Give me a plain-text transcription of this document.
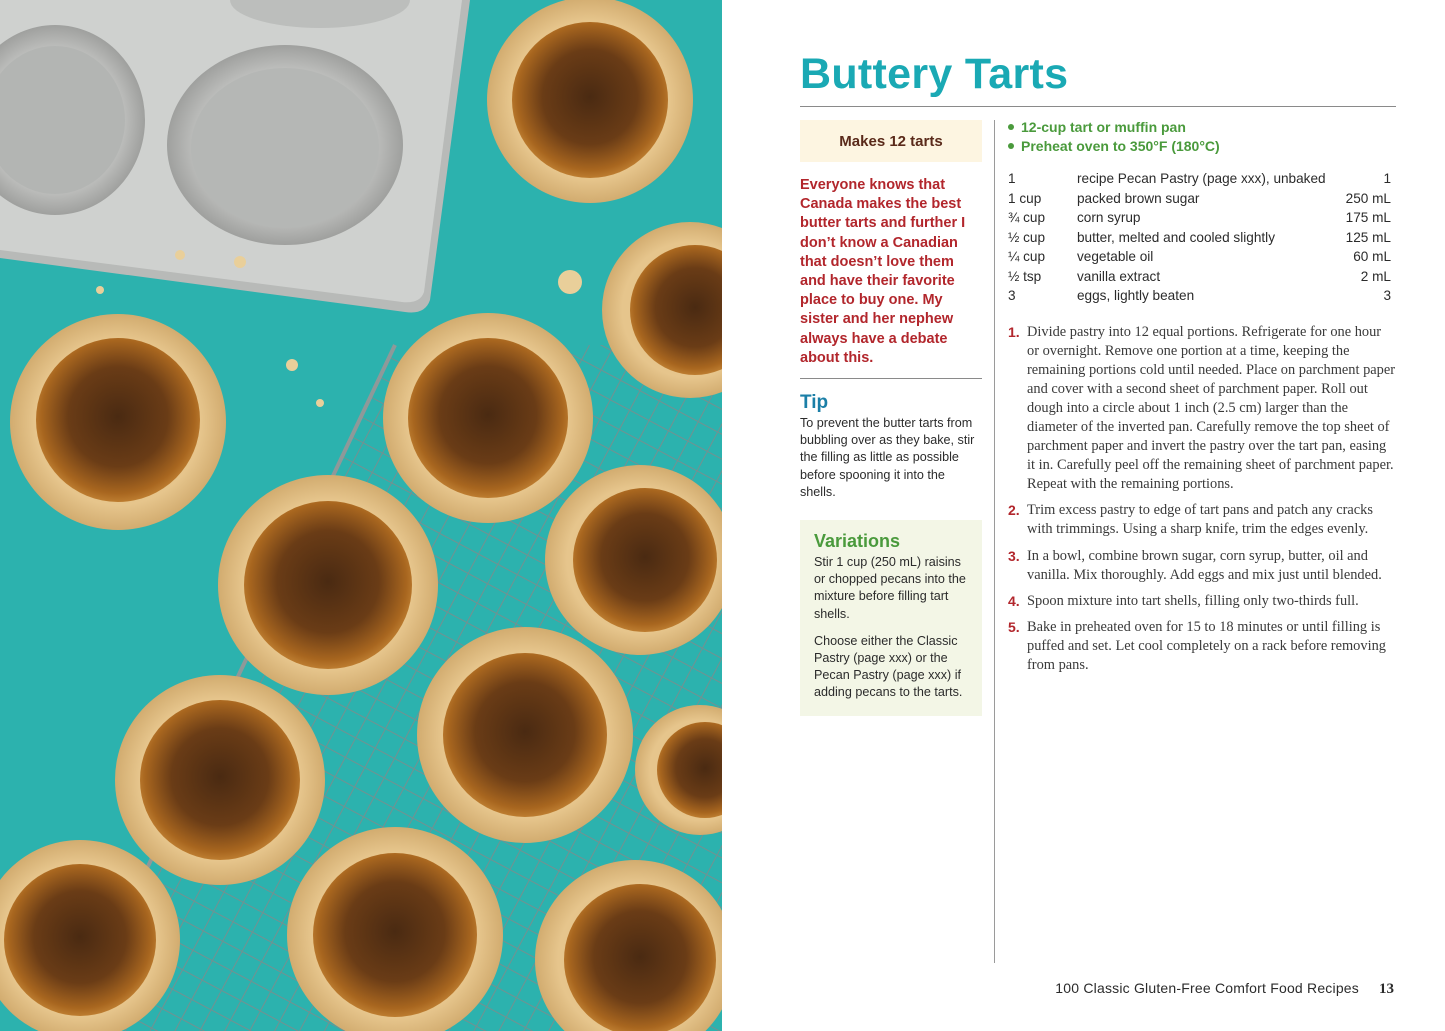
Buttery Tarts
Makes 12 tarts

Everyone knows that Canada makes the best butter tarts and further I don’t know a Canadian that doesn’t love them and have their favorite place to buy one. My sister and her nephew always have a debate about this.

Tip

To prevent the butter tarts from bubbling over as they bake, stir the filling as little as possible before spooning it into the shells.

Variations

Stir 1 cup (250 mL) raisins or chopped pecans into the mixture before filling tart shells.

Choose either the Classic Pastry (page xxx) or the Pecan Pastry (page xxx) if adding pecans to the tarts.

12-cup tart or muffin pan
Preheat oven to 350°F (180°C)
1	recipe Pecan Pastry (page xxx), unbaked	1
1 cup	packed brown sugar	250 mL
¾ cup corn syrup	175 mL
½ cup butter, melted and cooled slightly	125 mL
¼ cup vegetable oil	60 mL
½ tsp	vanilla extract	2 mL
3	eggs, lightly beaten	3
1. Divide pastry into 12 equal portions. Refrigerate for one hour or overnight. Remove one portion at a time, keeping the remaining portions cold until needed. Place on parchment paper and cover with a second sheet of parchment paper. Roll out dough into a circle about 1 inch (2.5 cm) larger than the diameter of the inverted pan. Carefully remove the top sheet of parchment paper and invert the pastry over the tart pan, easing it in. Carefully peel off the remaining sheet of parchment paper. Repeat with the remaining portions.
2. Trim excess pastry to edge of tart pans and patch any cracks with trimmings. Using a sharp knife, trim the edges evenly.
3. In a bowl, combine brown sugar, corn syrup, butter, oil and vanilla. Mix thoroughly. Add eggs and mix just until blended.
4. Spoon mixture into tart shells, filling only two-thirds full.
5. Bake in preheated oven for 15 to 18 minutes or until filling is puffed and set. Let cool completely on a rack before removing from pans.
100 Classic Gluten-Free Comfort Food Recipes 13
